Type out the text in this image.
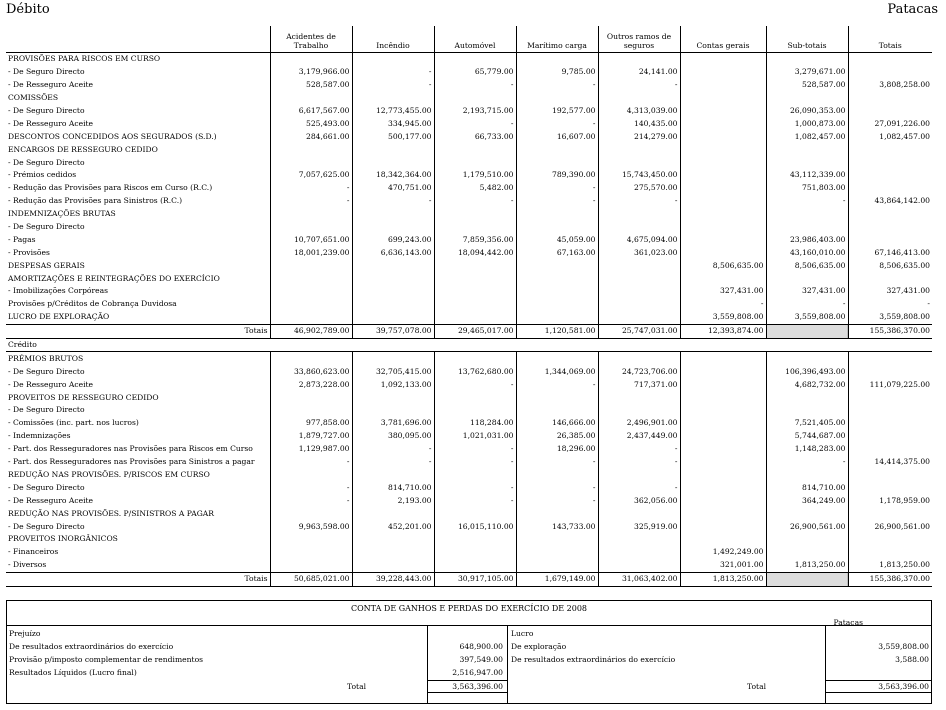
Débito	Patacas
	Acidentes de Trabalho	Incêndio	Automóvel	Marítimo carga	Outros ramos de seguros	Contas gerais	Sub-totais	Totais
PROVISÕES PARA RISCOS EM CURSO								
- De Seguro Directo	3,179,966.00	-	65,779.00	9,785.00	24,141.00		3,279,671.00	
- De Resseguro Aceite	528,587.00	-	-	-	-		528,587.00	3,808,258.00
COMISSÕES								
- De Seguro Directo	6,617,567.00	12,773,455.00	2,193,715.00	192,577.00	4,313,039.00		26,090,353.00	
- De Resseguro Aceite	525,493.00	334,945.00	-	-	140,435.00		1,000,873.00	27,091,226.00
DESCONTOS CONCEDIDOS AOS SEGURADOS (S.D.)	284,661.00	500,177.00	66,733.00	16,607.00	214,279.00		1,082,457.00	1,082,457.00
ENCARGOS DE RESSEGURO CEDIDO								
- De Seguro Directo								
- Prémios cedidos	7,057,625.00	18,342,364.00	1,179,510.00	789,390.00	15,743,450.00		43,112,339.00	
- Redução das Provisões para Riscos em Curso (R.C.)	-	470,751.00	5,482.00	-	275,570.00		751,803.00	
- Redução das Provisões para Sinistros (R.C.)	-	-	-	-	-		-	43,864,142.00
INDEMNIZAÇÕES BRUTAS								
- De Seguro Directo								
- Pagas	10,707,651.00	699,243.00	7,859,356.00	45,059.00	4,675,094.00		23,986,403.00	
- Provisões	18,001,239.00	6,636,143.00	18,094,442.00	67,163.00	361,023.00		43,160,010.00	67,146,413.00
DESPESAS GERAIS						8,506,635.00	8,506,635.00	8,506,635.00
AMORTIZAÇÕES E REINTEGRAÇÕES DO EXERCÍCIO								
- Imobilizações Corpóreas						327,431.00	327,431.00	327,431.00
Provisões p/Créditos de Cobrança Duvidosa						-	-	-
LUCRO DE EXPLORAÇÃO						3,559,808.00	3,559,808.00	3,559,808.00
Totais	46,902,789.00	39,757,078.00	29,465,017.00	1,120,581.00	25,747,031.00	12,393,874.00		155,386,370.00
Crédito								
PRÉMIOS BRUTOS								
- De Seguro Directo	33,860,623.00	32,705,415.00	13,762,680.00	1,344,069.00	24,723,706.00		106,396,493.00	
- De Resseguro Aceite	2,873,228.00	1,092,133.00	-	-	717,371.00		4,682,732.00	111,079,225.00
PROVEITOS DE RESSEGURO CEDIDO								
- De Seguro Directo								
- Comissões (inc. part. nos lucros)	977,858.00	3,781,696.00	118,284.00	146,666.00	2,496,901.00		7,521,405.00	
- Indemnizações	1,879,727.00	380,095.00	1,021,031.00	26,385.00	2,437,449.00		5,744,687.00	
- Part. dos Resseguradores nas Provisões para Riscos em Curso	1,129,987.00	-	-	18,296.00	-		1,148,283.00	
- Part. dos Resseguradores nas Provisões para Sinistros a pagar	-	-	-	-	-		-	14,414,375.00
REDUÇÃO NAS PROVISÕES. P/RISCOS EM CURSO								
- De Seguro Directo	-	814,710.00	-	-	-		814,710.00	
- De Resseguro Aceite	-	2,193.00	-	-	362,056.00		364,249.00	1,178,959.00
REDUÇÃO NAS PROVISÕES. P/SINISTROS A PAGAR								
- De Seguro Directo	9,963,598.00	452,201.00	16,015,110.00	143,733.00	325,919.00		26,900,561.00	26,900,561.00
PROVEITOS INORGÂNICOS								
- Financeiros						1,492,249.00		
- Diversos						321,001.00	1,813,250.00	1,813,250.00
Totais	50,685,021.00	39,228,443.00	30,917,105.00	1,679,149.00	31,063,402.00	1,813,250.00		155,386,370.00
CONTA DE GANHOS E PERDAS DO EXERCÍCIO DE 2008
Patacas
Prejuízo	Lucro
De resultados extraordinários do exercício	648,900.00
Provisão p/imposto complementar de rendimentos	397,549.00
Resultados Líquidos (Lucro final)	2,516,947.00
De exploração	3,559,808.00
De resultados extraordinários do exercício	3,588.00
Total	3,563,396.00	Total	3,563,396.00
